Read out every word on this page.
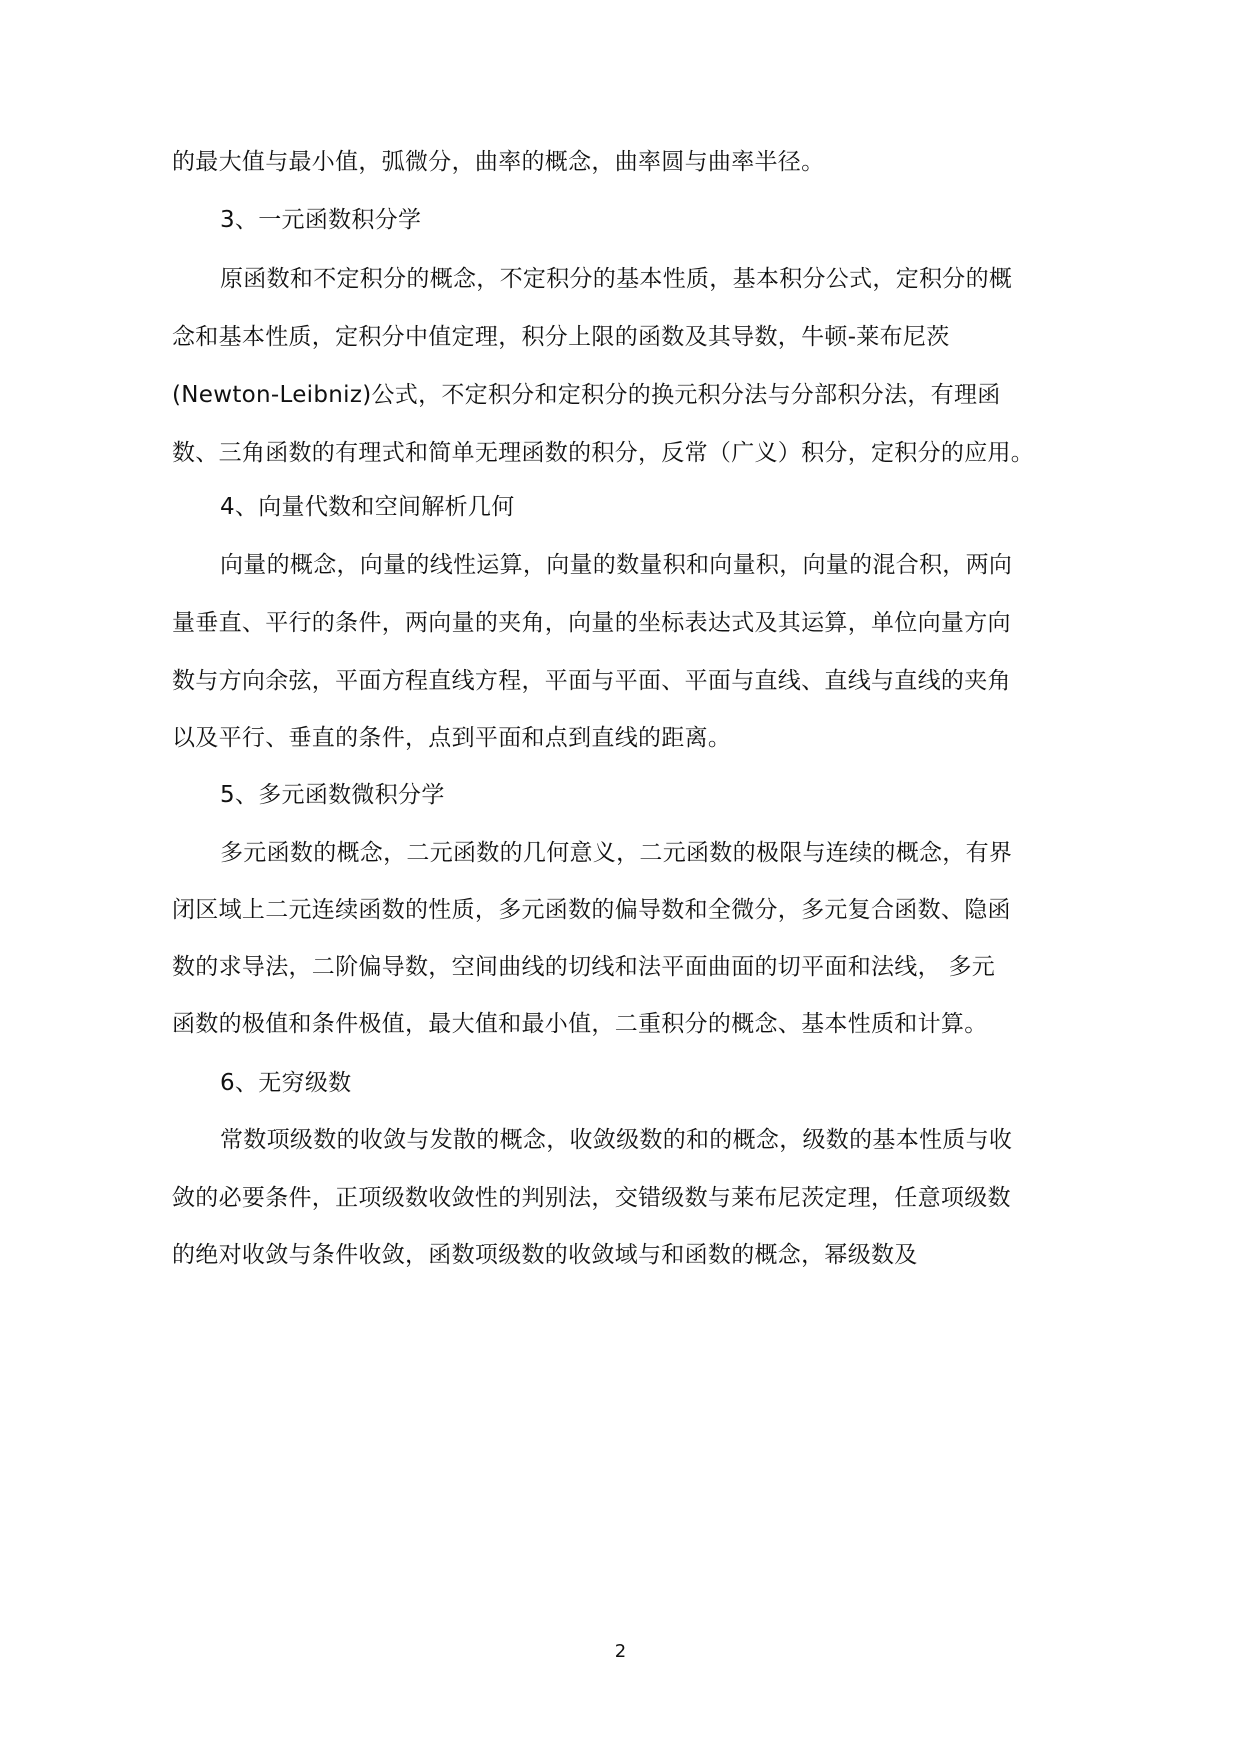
的最大值与最小值，弧微分，曲率的概念，曲率圆与曲率半径。
3、一元函数积分学
原函数和不定积分的概念，不定积分的基本性质，基本积分公式，定积分的概
念和基本性质，定积分中值定理，积分上限的函数及其导数，牛顿-莱布尼茨
(Newton-Leibniz)公式，不定积分和定积分的换元积分法与分部积分法，有理函
数、三角函数的有理式和简单无理函数的积分，反常（广义）积分，定积分的应用。
4、向量代数和空间解析几何
向量的概念，向量的线性运算，向量的数量积和向量积，向量的混合积，两向
量垂直、平行的条件，两向量的夹角，向量的坐标表达式及其运算，单位向量方向
数与方向余弦，平面方程直线方程，平面与平面、平面与直线、直线与直线的夹角
以及平行、垂直的条件，点到平面和点到直线的距离。
5、多元函数微积分学
多元函数的概念，二元函数的几何意义，二元函数的极限与连续的概念，有界
闭区域上二元连续函数的性质，多元函数的偏导数和全微分，多元复合函数、隐函
数的求导法，二阶偏导数，空间曲线的切线和法平面曲面的切平面和法线， 多元
函数的极值和条件极值，最大值和最小值，二重积分的概念、基本性质和计算。
6、无穷级数
常数项级数的收敛与发散的概念，收敛级数的和的概念，级数的基本性质与收
敛的必要条件，正项级数收敛性的判别法，交错级数与莱布尼茨定理，任意项级数
的绝对收敛与条件收敛，函数项级数的收敛域与和函数的概念，幂级数及
2
